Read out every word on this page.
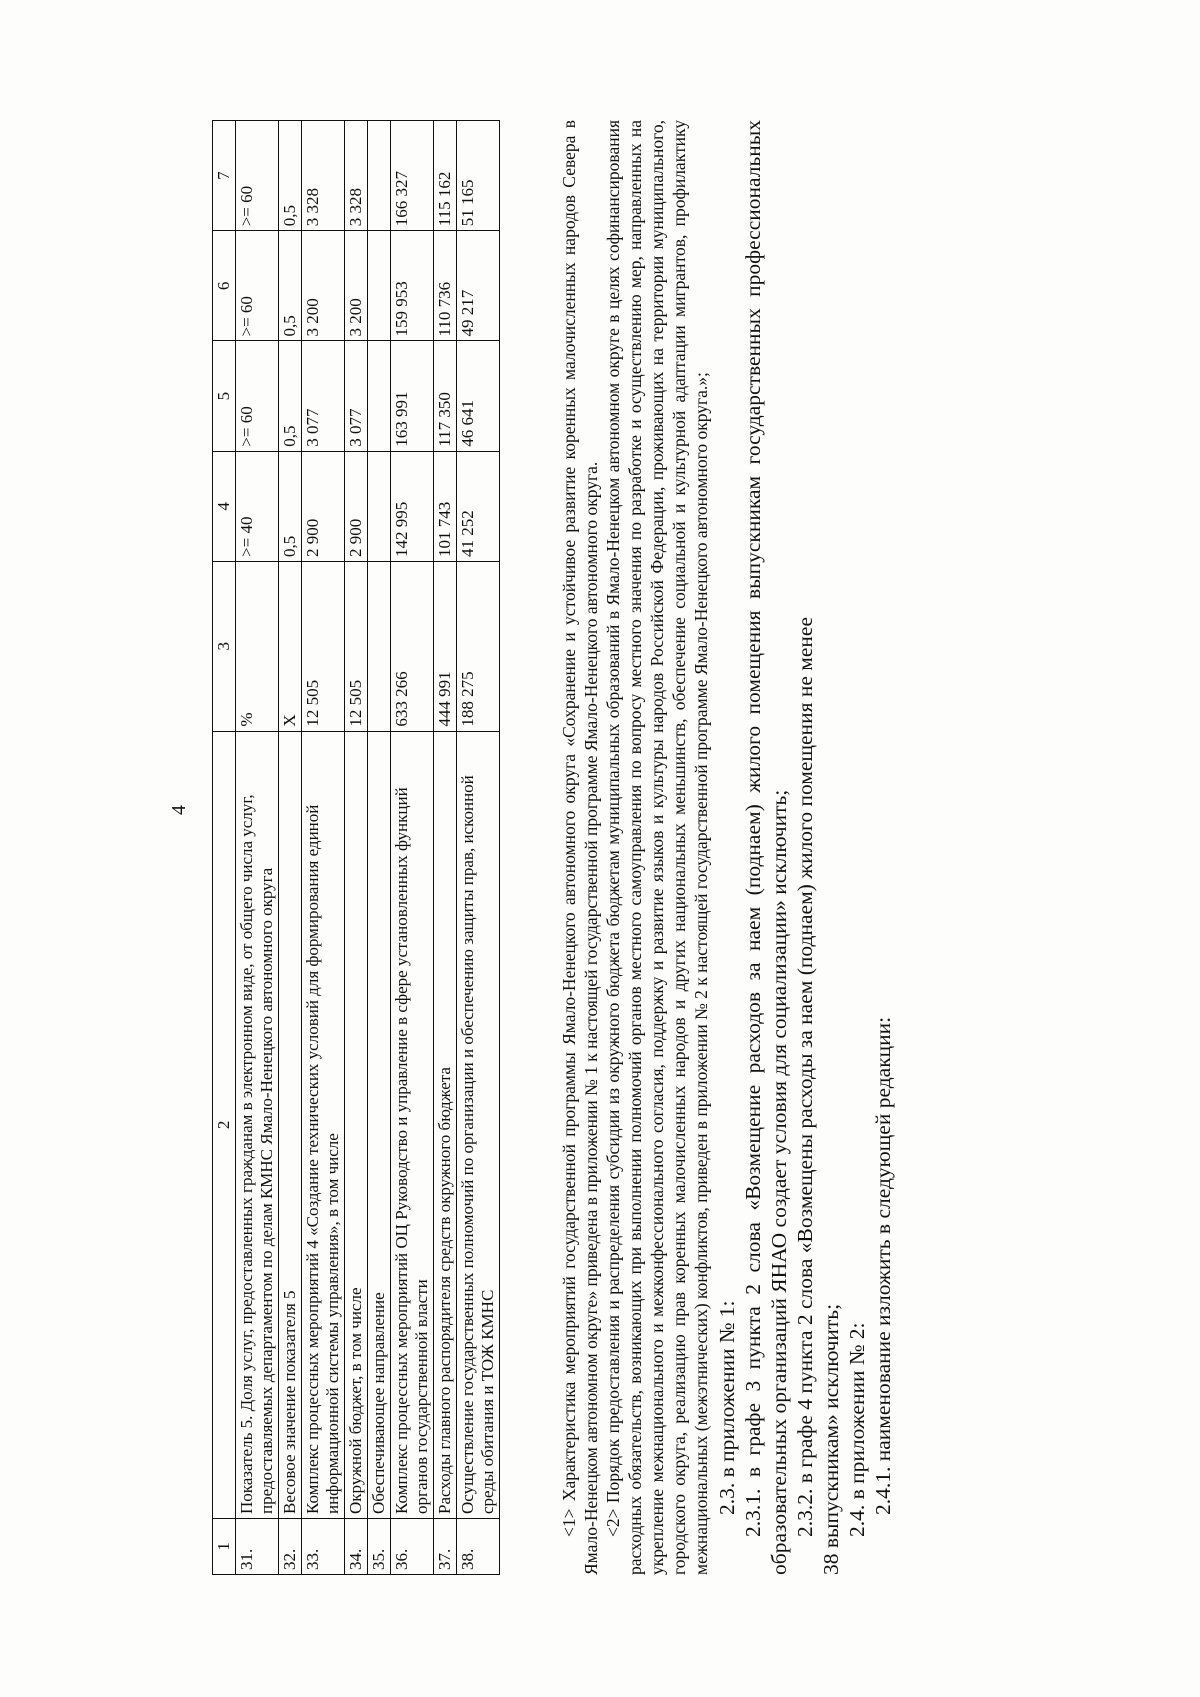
4
1	2	3	4	5	6	7
31.	Показатель 5. Доля услуг, предоставленных гражданам в электронном виде, от общего числа услуг, предоставляемых департаментом по делам КМНС Ямало-Ненецкого автономного округа	%	>= 40	>= 60	>= 60	>= 60
32.	Весовое значение показателя 5	X	0,5	0,5	0,5	0,5
33.	Комплекс процессных мероприятий 4 «Создание технических условий для формирования единой информационной системы управления», в том числе	12 505	2 900	3 077	3 200	3 328
34.	Окружной бюджет, в том числе	12 505	2 900	3 077	3 200	3 328
35.	Обеспечивающее направление					
36.	Комплекс процессных мероприятий ОЦ Руководство и управление в сфере установленных функций органов государственной власти	633 266	142 995	163 991	159 953	166 327
37.	Расходы главного распорядителя средств окружного бюджета	444 991	101 743	117 350	110 736	115 162
38.	Осуществление государственных полномочий по организации и обеспечению защиты прав, исконной среды обитания и ТОЖ КМНС	188 275	41 252	46 641	49 217	51 165	<1> Характеристика мероприятий государственной программы Ямало-Ненецкого автономного округа «Сохранение и устойчивое развитие коренных малочисленных народов Севера в Ямало-Ненецком автономном округе» приведена в приложении № 1 к настоящей государственной программе Ямало-Ненецкого автономного округа. <2> Порядок предоставления и распределения субсидии из окружного бюджета бюджетам муниципальных образований в Ямало-Ненецком автономном округе в целях софинансирования расходных обязательств, возникающих при выполнении полномочий органов местного самоуправления по вопросу местного значения по разработке и осуществлению мер, направленных на укрепление межнационального и межконфессионального согласия, поддержку и развитие языков и культуры народов Российской Федерации, проживающих на территории муниципального, городского округа, реализацию прав коренных малочисленных народов и других национальных меньшинств, обеспечение социальной и культурной адаптации мигрантов, профилактику межнациональных (межэтнических) конфликтов, приведен в приложении № 2 к настоящей государственной программе Ямало-Ненецкого автономного округа.»; 2.3. в приложении № 1: 2.3.1. в графе 3 пункта 2 слова «Возмещение расходов за наем (поднаем) жилого помещения выпускникам государственных профессиональных образовательных организаций ЯНАО создает условия для социализации» исключить; 2.3.2. в графе 4 пункта 2 слова «Возмещены расходы за наем (поднаем) жилого помещения не менее 38 выпускникам» исключить; 2.4. в приложении № 2: 2.4.1. наименование изложить в следующей редакции:
